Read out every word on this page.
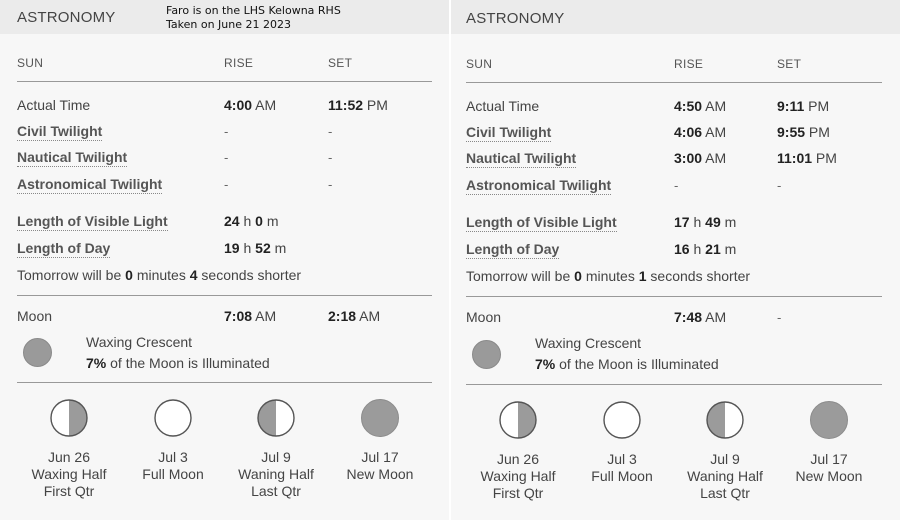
ASTRONOMY	Faro is on the LHS Kelowna RHS
Taken on June 21 2023
SUN	RISE	SET
Actual Time	4:00 AM	11:52 PM
Civil Twilight	-	-
Nautical Twilight	-	-
Astronomical Twilight	-	-
Length of Visible Light	24 h 0 m
Length of Day	19 h 52 m
Tomorrow will be 0 minutes 4 seconds shorter
Moon	7:08 AM	2:18 AM
Waxing Crescent
7% of the Moon is Illuminated
Jun 26
Waxing Half
First Qtr
Jul 3
Full Moon
Jul 9
Waning Half
Last Qtr
Jul 17
New Moon
ASTRONOMY
SUN	RISE	SET
Actual Time	4:50 AM	9:11 PM
Civil Twilight	4:06 AM	9:55 PM
Nautical Twilight	3:00 AM	11:01 PM
Astronomical Twilight	-	-
Length of Visible Light	17 h 49 m
Length of Day	16 h 21 m
Tomorrow will be 0 minutes 1 seconds shorter
Moon	7:48 AM	-
Waxing Crescent
7% of the Moon is Illuminated
Jun 26
Waxing Half
First Qtr
Jul 3
Full Moon
Jul 9
Waning Half
Last Qtr
Jul 17
New Moon
